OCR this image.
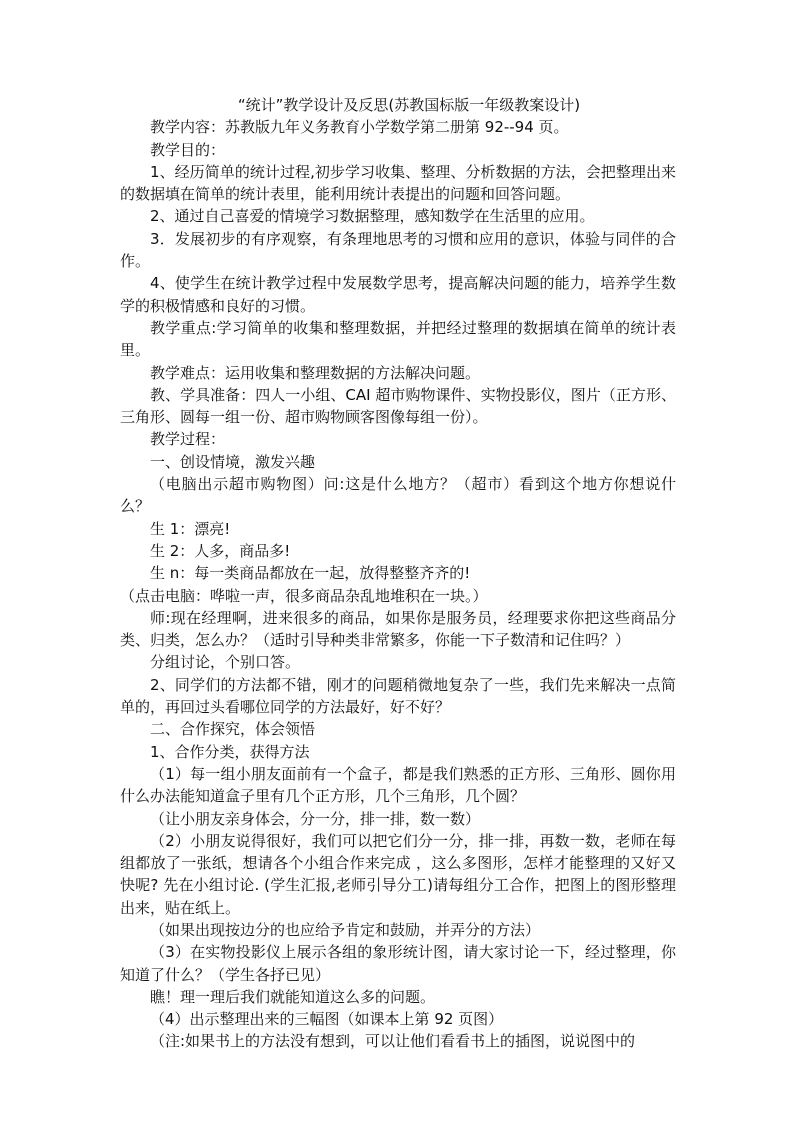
“统计”教学设计及反思(苏教国标版一年级教案设计)

教学内容：苏教版九年义务教育小学数学第二册第 92--94 页。

教学目的：

1、经历简单的统计过程,初步学习收集、整理、分析数据的方法，会把整理出来的数据填在简单的统计表里，能利用统计表提出的问题和回答问题。

2、通过自己喜爱的情境学习数据整理，感知数学在生活里的应用。

3．发展初步的有序观察，有条理地思考的习惯和应用的意识，体验与同伴的合作。

4、使学生在统计教学过程中发展数学思考，提高解决问题的能力，培养学生数学的积极情感和良好的习惯。

教学重点:学习简单的收集和整理数据，并把经过整理的数据填在简单的统计表里。

教学难点：运用收集和整理数据的方法解决问题。

教、学具准备：四人一小组、CAI 超市购物课件、实物投影仪，图片（正方形、三角形、圆每一组一份、超市购物顾客图像每组一份）。

教学过程：

一、创设情境，激发兴趣

（电脑出示超市购物图）问:这是什么地方？（超市）看到这个地方你想说什么？

生 1：漂亮!

生 2：人多，商品多!

生 n：每一类商品都放在一起，放得整整齐齐的!

（点击电脑：哗啦一声，很多商品杂乱地堆积在一块。）

师:现在经理啊，进来很多的商品，如果你是服务员，经理要求你把这些商品分类、归类，怎么办？（适时引导种类非常繁多，你能一下子数清和记住吗？）

分组讨论，个别口答。

2、同学们的方法都不错，刚才的问题稍微地复杂了一些，我们先来解决一点简单的，再回过头看哪位同学的方法最好，好不好？

二、合作探究，体会领悟

1、合作分类，获得方法

（1）每一组小朋友面前有一个盒子，都是我们熟悉的正方形、三角形、圆你用什么办法能知道盒子里有几个正方形，几个三角形，几个圆？

（让小朋友亲身体会，分一分，排一排，数一数）

（2）小朋友说得很好，我们可以把它们分一分，排一排，再数一数，老师在每组都放了一张纸，想请各个小组合作来完成 ，这么多图形，怎样才能整理的又好又快呢? 先在小组讨论. (学生汇报,老师引导分工)请每组分工合作，把图上的图形整理出来，贴在纸上。

（如果出现按边分的也应给予肯定和鼓励，并弄分的方法）

（3）在实物投影仪上展示各组的象形统计图，请大家讨论一下，经过整理，你知道了什么？（学生各抒已见）

瞧！理一理后我们就能知道这么多的问题。

（4）出示整理出来的三幅图（如课本上第 92 页图）

（注:如果书上的方法没有想到，可以让他们看看书上的插图，说说图中的
